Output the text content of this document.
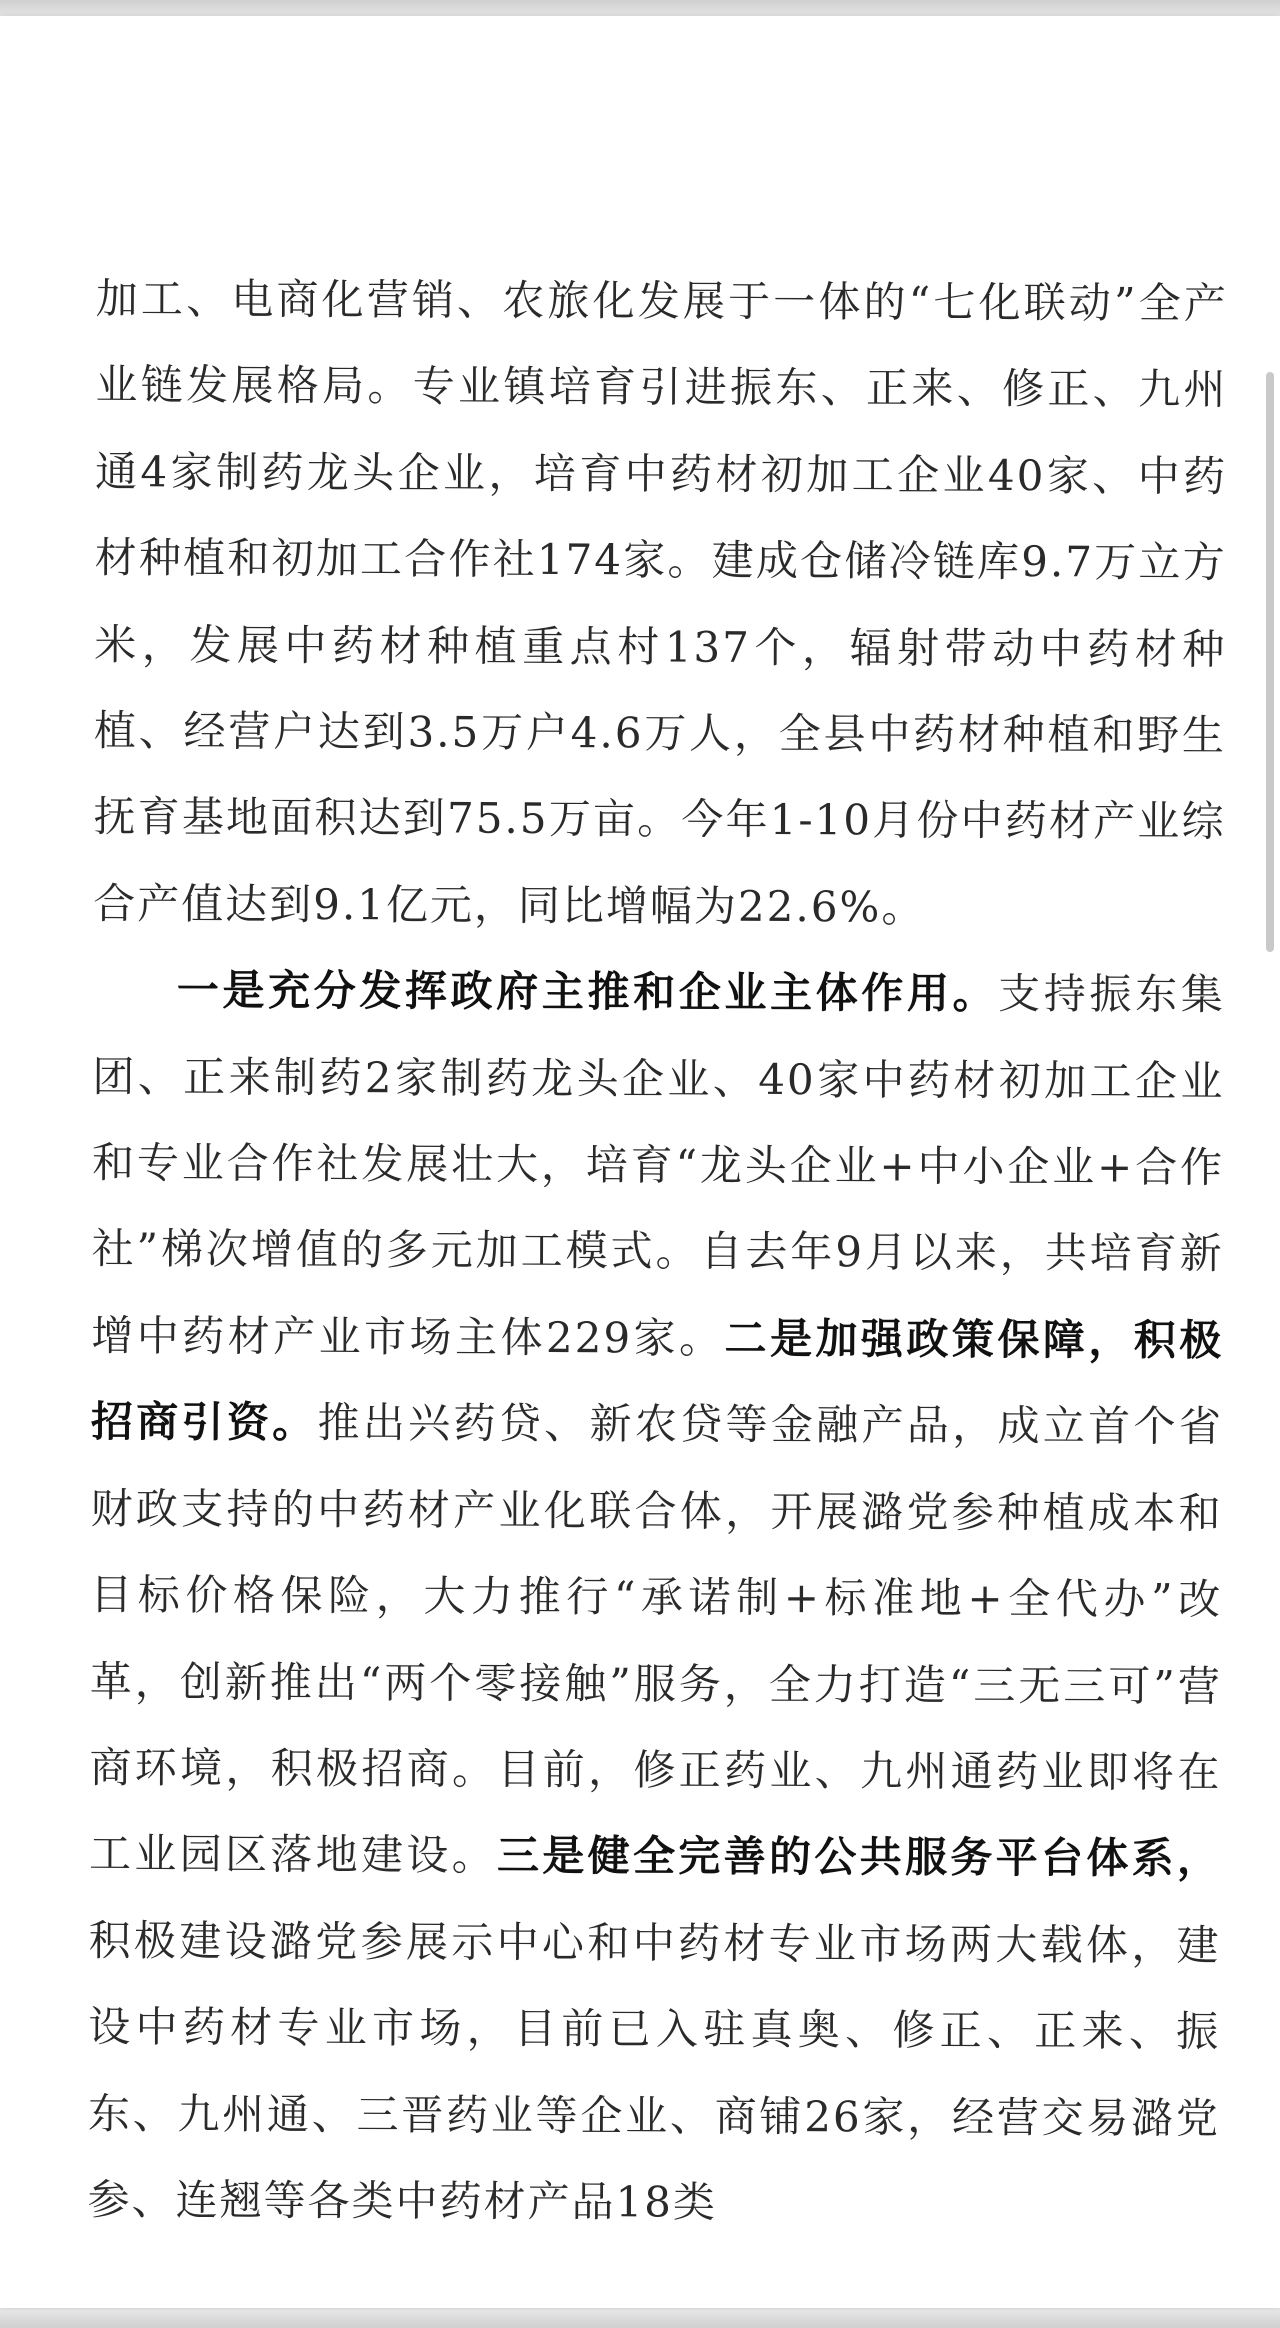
加工、电商化营销、农旅化发展于一体的“七化联动”全产业链发展格局。专业镇培育引进振东、正来、修正、九州通4家制药龙头企业，培育中药材初加工企业40家、中药材种植和初加工合作社174家。建成仓储冷链库9.7万立方米，发展中药材种植重点村137个，辐射带动中药材种植、经营户达到3.5万户4.6万人，全县中药材种植和野生抚育基地面积达到75.5万亩。今年1-10月份中药材产业综合产值达到9.1亿元，同比增幅为22.6%。

一是充分发挥政府主推和企业主体作用。支持振东集团、正来制药2家制药龙头企业、40家中药材初加工企业和专业合作社发展壮大，培育“龙头企业+中小企业+合作社”梯次增值的多元加工模式。自去年9月以来，共培育新增中药材产业市场主体229家。二是加强政策保障，积极招商引资。推出兴药贷、新农贷等金融产品，成立首个省财政支持的中药材产业化联合体，开展潞党参种植成本和目标价格保险，大力推行“承诺制+标准地+全代办”改革，创新推出“两个零接触”服务，全力打造“三无三可”营商环境，积极招商。目前，修正药业、九州通药业即将在工业园区落地建设。三是健全完善的公共服务平台体系，积极建设潞党参展示中心和中药材专业市场两大载体，建设中药材专业市场，目前已入驻真奥、修正、正来、振东、九州通、三晋药业等企业、商铺26家，经营交易潞党参、连翘等各类中药材产品18类
